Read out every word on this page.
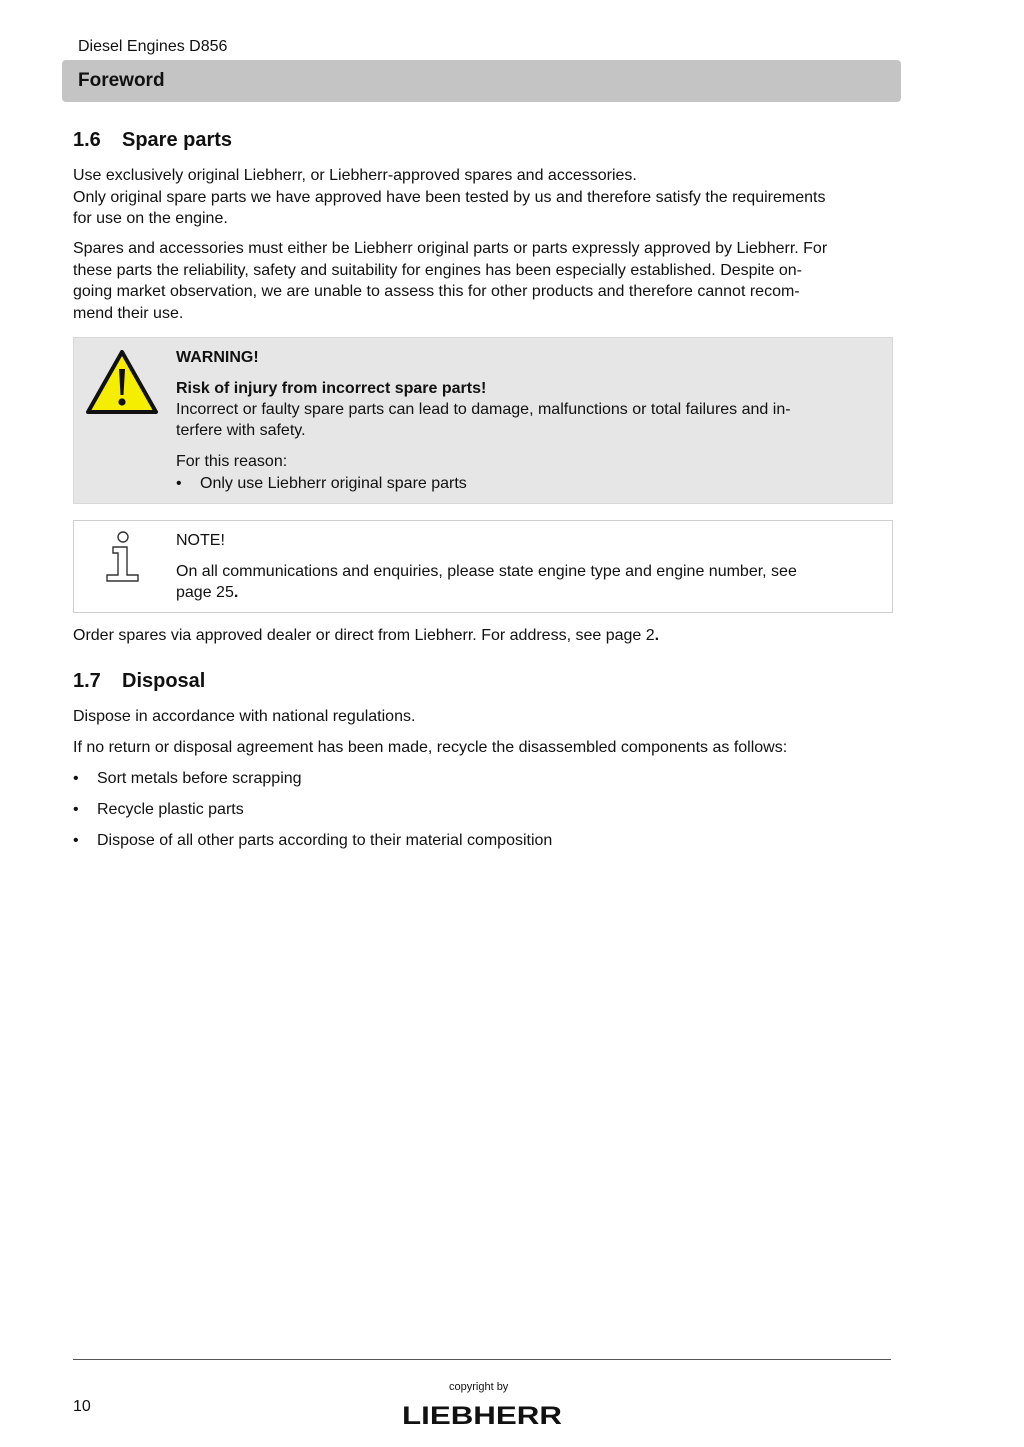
Diesel Engines D856
Foreword
1.6 Spare parts

Use exclusively original Liebherr, or Liebherr-approved spares and accessories.
Only original spare parts we have approved have been tested by us and therefore satisfy the requirements
for use on the engine.

Spares and accessories must either be Liebherr original parts or parts expressly approved by Liebherr. For
these parts the reliability, safety and suitability for engines has been especially established. Despite on-
going market observation, we are unable to assess this for other products and therefore cannot recom-
mend their use.

WARNING!
Risk of injury from incorrect spare parts!
Incorrect or faulty spare parts can lead to damage, malfunctions or total failures and in-
terfere with safety.
For this reason:
• Only use Liebherr original spare parts
NOTE!
On all communications and enquiries, please state engine type and engine number, see
page 25.

Order spares via approved dealer or direct from Liebherr. For address, see page 2.

1.7 Disposal

Dispose in accordance with national regulations.

If no return or disposal agreement has been made, recycle the disassembled components as follows:

• Sort metals before scrapping
• Recycle plastic parts
• Dispose of all other parts according to their material composition
10
copyright by
LIEBHERR
